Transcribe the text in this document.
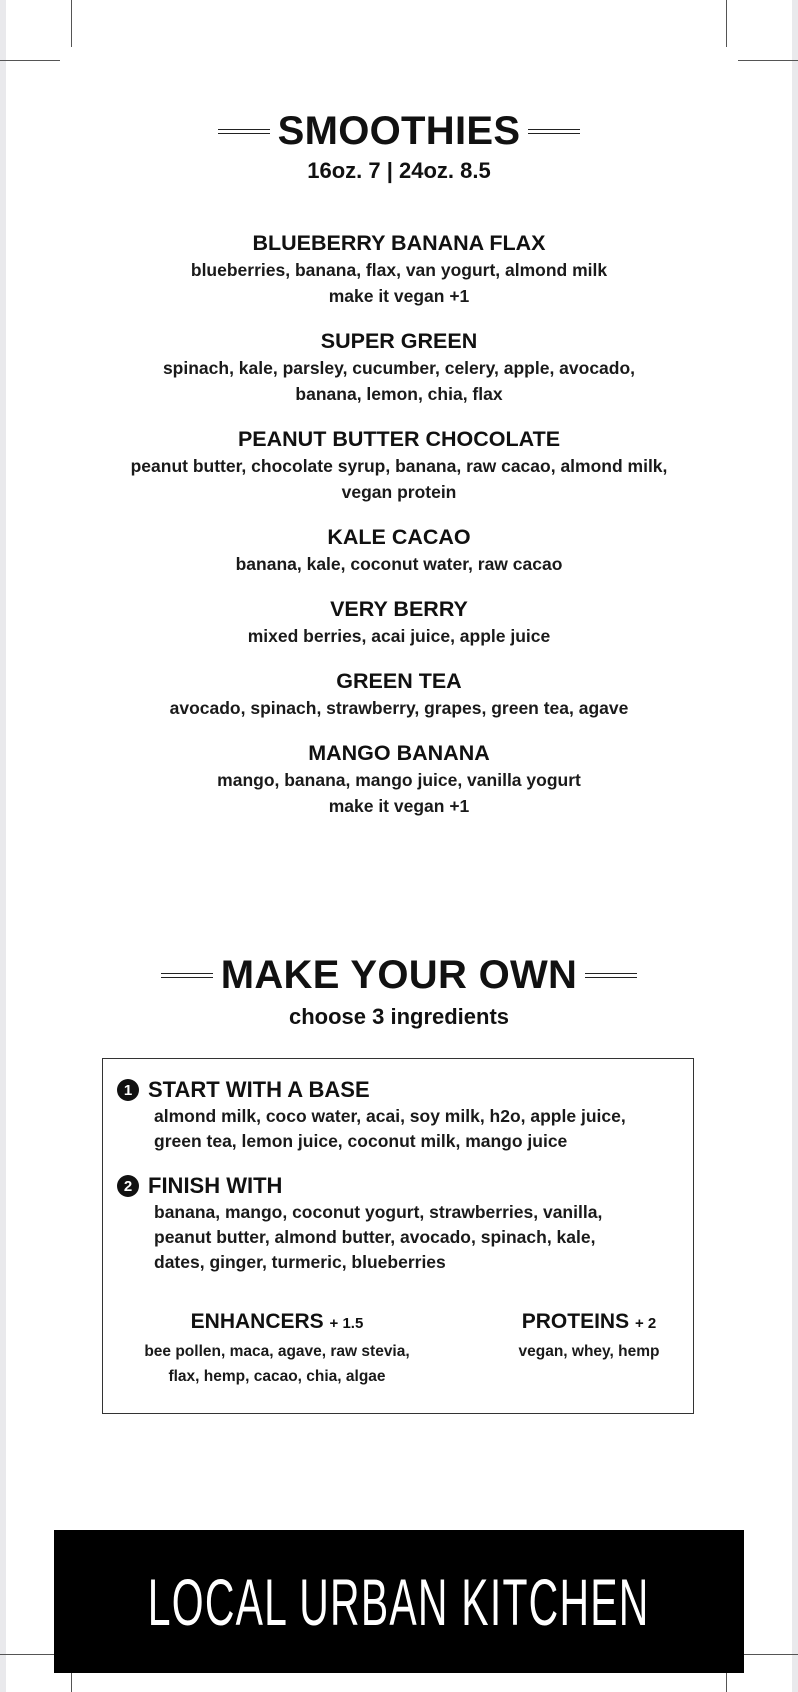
SMOOTHIES
16oz. 7 | 24oz. 8.5
BLUEBERRY BANANA FLAX
blueberries, banana, flax, van yogurt, almond milk
make it vegan +1
SUPER GREEN
spinach, kale, parsley, cucumber, celery, apple, avocado,
banana, lemon, chia, flax
PEANUT BUTTER CHOCOLATE
peanut butter, chocolate syrup, banana, raw cacao, almond milk,
vegan protein
KALE CACAO
banana, kale, coconut water, raw cacao
VERY BERRY
mixed berries, acai juice, apple juice
GREEN TEA
avocado, spinach, strawberry, grapes, green tea, agave
MANGO BANANA
mango, banana, mango juice, vanilla yogurt
make it vegan +1
MAKE YOUR OWN
choose 3 ingredients
1 START WITH A BASE
almond milk, coco water, acai, soy milk, h2o, apple juice,
green tea, lemon juice, coconut milk, mango juice
2 FINISH WITH
banana, mango, coconut yogurt, strawberries, vanilla,
peanut butter, almond butter, avocado, spinach, kale,
dates, ginger, turmeric, blueberries
ENHANCERS + 1.5
bee pollen, maca, agave, raw stevia,
flax, hemp, cacao, chia, algae
PROTEINS + 2
vegan, whey, hemp
LOCAL URBAN KITCHEN
